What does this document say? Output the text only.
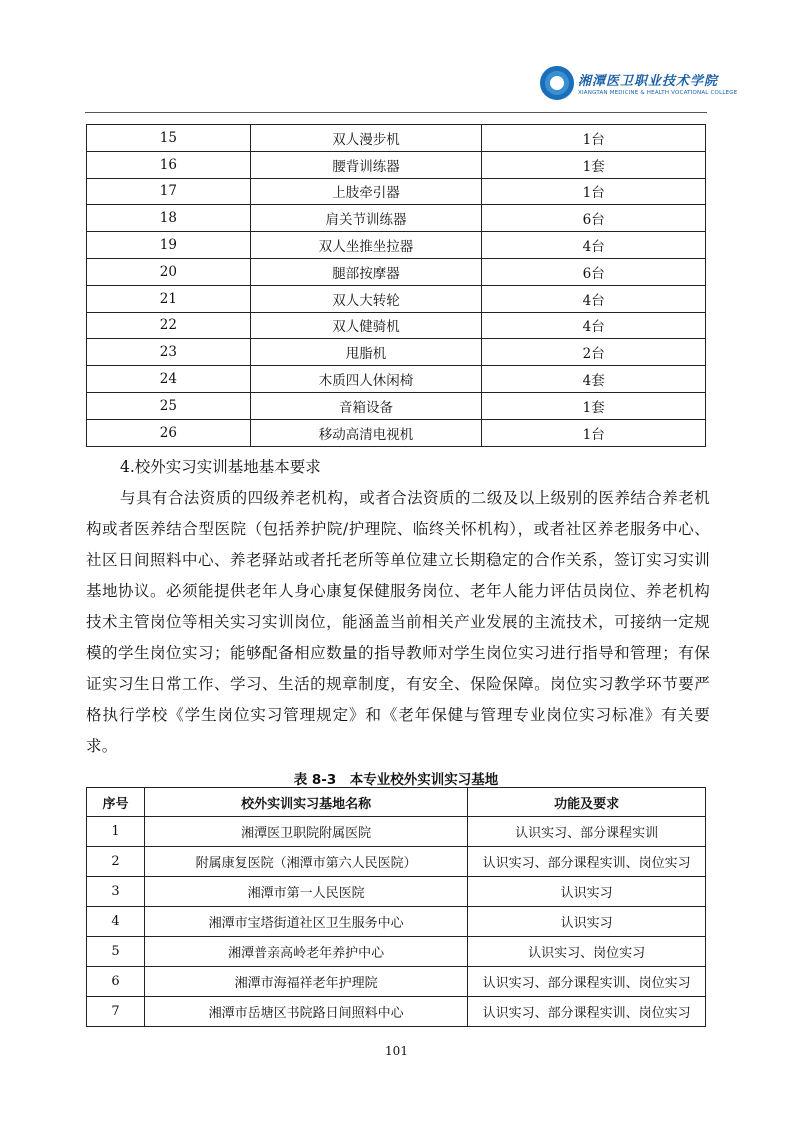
湘潭医卫职业技术学院
XIANGTAN MEDICINE & HEALTH VOCATIONAL COLLEGE
15	双人漫步机	1台
16	腰背训练器	1套
17	上肢牵引器	1台
18	肩关节训练器	6台
19	双人坐推坐拉器	4台
20	腿部按摩器	6台
21	双人大转轮	4台
22	双人健骑机	4台
23	甩脂机	2台
24	木质四人休闲椅	4套
25	音箱设备	1套
26	移动高清电视机	1台

4.校外实习实训基地基本要求

与具有合法资质的四级养老机构，或者合法资质的二级及以上级别的医养结合养老机构或者医养结合型医院（包括养护院/护理院、临终关怀机构），或者社区养老服务中心、社区日间照料中心、养老驿站或者托老所等单位建立长期稳定的合作关系，签订实习实训基地协议。必须能提供老年人身心康复保健服务岗位、老年人能力评估员岗位、养老机构技术主管岗位等相关实习实训岗位，能涵盖当前相关产业发展的主流技术，可接纳一定规模的学生岗位实习；能够配备相应数量的指导教师对学生岗位实习进行指导和管理；有保证实习生日常工作、学习、生活的规章制度，有安全、保险保障。岗位实习教学环节要严格执行学校《学生岗位实习管理规定》和《老年保健与管理专业岗位实习标准》有关要求。

表 8-3　本专业校外实训实习基地
序号	校外实训实习基地名称	功能及要求
1	湘潭医卫职院附属医院	认识实习、部分课程实训
2	附属康复医院（湘潭市第六人民医院）	认识实习、部分课程实训、岗位实习
3	湘潭市第一人民医院	认识实习
4	湘潭市宝塔街道社区卫生服务中心	认识实习
5	湘潭普亲高岭老年养护中心	认识实习、岗位实习
6	湘潭市海福祥老年护理院	认识实习、部分课程实训、岗位实习
7	湘潭市岳塘区书院路日间照料中心	认识实习、部分课程实训、岗位实习
101
